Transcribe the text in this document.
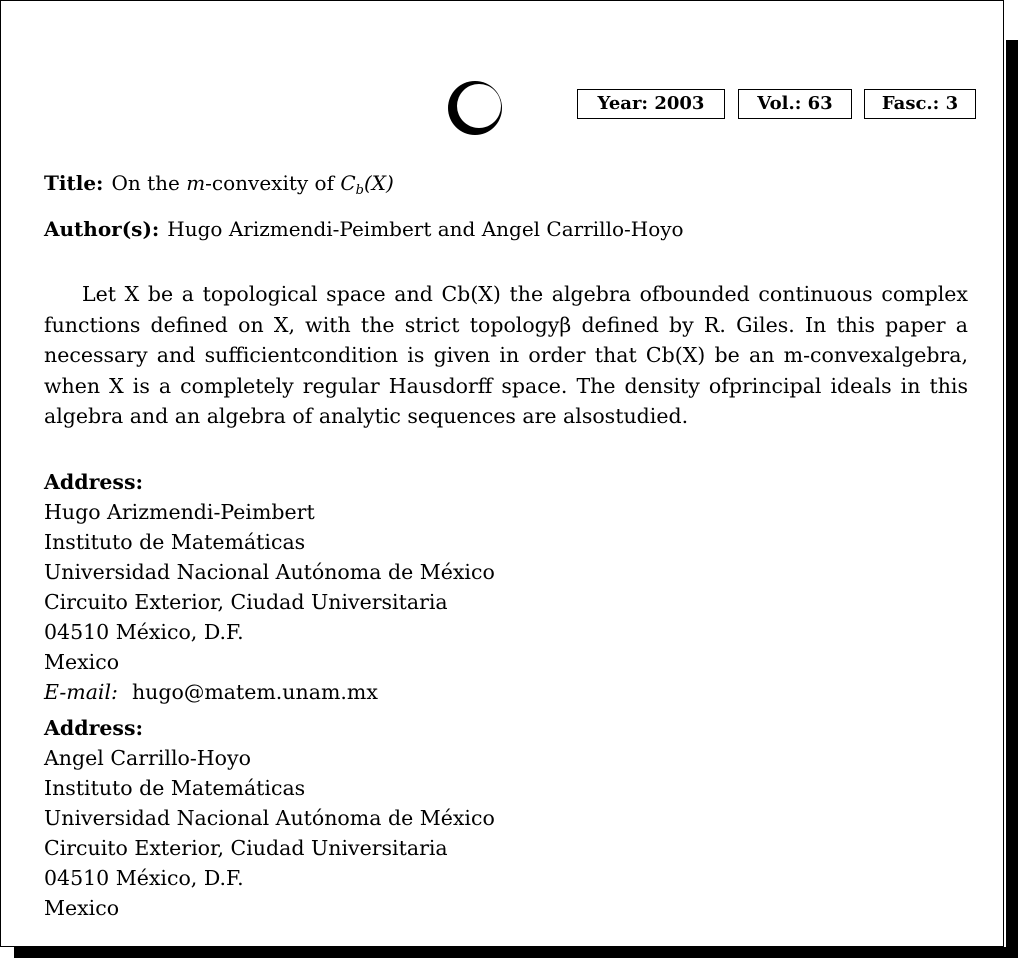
Year: 2003	Vol.: 63	Fasc.: 3
Title: On the m-convexity of $C_b(X)$
Author(s): Hugo Arizmendi-Peimbert and Angel Carrillo-Hoyo
Let X be a topological space and Cb(X) the algebra ofbounded continuous complex
functions defined on X, with the strict topologyβ defined by R. Giles. In this paper a
necessary and sufficientcondition is given in order that Cb(X) be an m-convexalgebra,
when X is a completely regular Hausdorff space. The density ofprincipal ideals in this
algebra and an algebra of analytic sequences are alsostudied.
Address:
Hugo Arizmendi-Peimbert
Instituto de Matemáticas
Universidad Nacional Autónoma de México
Circuito Exterior, Ciudad Universitaria
04510 México, D.F.
Mexico
E-mail: hugo@matem.unam.mx
Address:
Angel Carrillo-Hoyo
Instituto de Matemáticas
Universidad Nacional Autónoma de México
Circuito Exterior, Ciudad Universitaria
04510 México, D.F.
Mexico
